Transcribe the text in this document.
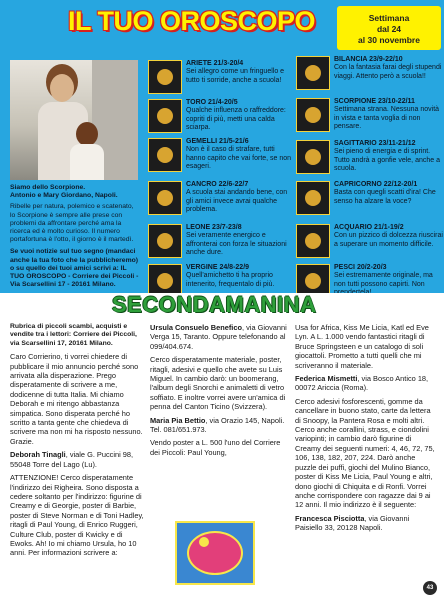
IL TUO OROSCOPO	Settimana
dal 24
al 30 novembre
Siamo dello Scorpione.
Antonio e Mary Giordano, Napoli.
Ribelle per natura, polemico e scatenato, lo Scorpione è sempre alle prese con problemi da affrontare perché ama la ricerca ed è molto curioso. Il numero portafortuna è l'otto, il giorno è il martedì.
Se vuoi notizie sul tuo segno (mandaci anche la tua foto che la pubblicheremo) o su quello dei tuoi amici scrivi a: IL TUO OROSCOPO - Corriere dei Piccoli - Via Scarsellini 17 - 20161 Milano.
ARIETE 21/3-20/4
Sei allegro come un fringuello e tutto ti sorride, anche a scuola!
TORO 21/4-20/5
Qualche influenza o raffreddore: copriti di più, metti una calda sciarpa.
GEMELLI 21/5-21/6
Non è il caso di strafare, tutti hanno capito che vai forte, se non esageri.
CANCRO 22/6-22/7
A scuola stai andando bene, con gli amici invece avrai qualche problema.
LEONE 23/7-23/8
Sei veramente energico e affronterai con forza le situazioni anche dure.
VERGINE 24/8-22/9
Quell'amichetto ti ha proprio intenerito, frequentalo di più.
BILANCIA 23/9-22/10
Con la fantasia farai degli stupendi viaggi. Attento però a scuola!!
SCORPIONE 23/10-22/11
Settimana strana. Nessuna novità in vista e tanta voglia di non pensare.
SAGITTARIO 23/11-21/12
Sei pieno di energia e di sprint. Tutto andrà a gonfie vele, anche a scuola.
CAPRICORNO 22/12-20/1
Basta con quegli scatti d'ira! Che senso ha alzare la voce?
ACQUARIO 21/1-19/2
Con un pizzico di dolcezza riuscirai a superare un momento difficile.
PESCI 20/2-20/3
Sei estremamente originale, ma non tutti possono capirti. Non
SECONDAMANINA

Rubrica di piccoli scambi, acquisti e vendite tra i lettori: Corriere dei Piccoli, via Scarsellini 17, 20161 Milano.

Caro Corrierino, ti vorrei chiedere di pubblicare il mio annuncio perché sono arrivata alla disperazione. Prego disperatamente di scrivere a me, dodicenne di tutta Italia. Mi chiamo Deborah e mi ritengo abbastanza simpatica. Sono disperata perché ho scritto a tanta gente che chiedeva di scrivere ma non mi ha risposto nessuno. Grazie.

Deborah Tinagli, viale G. Puccini 98, 55048 Torre del Lago (Lu).

ATTENZIONE! Cerco disperatamente l'indirizzo dei Righeira. Sono disposta a cedere soltanto per l'indirizzo: figurine di Creamy e di Georgie, poster di Barbie, poster di Steve Norman e di Toni Hadley, ritagli di Paul Young, di Enrico Ruggeri, Culture Club, poster di Kwicky e di Ewoks. Ah! Io mi chiamo Ursula, ho 10 anni. Per informazioni scrivere a:

Ursula Consuelo Benefico, via Giovanni Verga 15, Taranto. Oppure telefonando al 099/404.674.

Cerco disperatamente materiale, poster, ritagli, adesivi e quello che avete su Luis Miguel. In cambio darò: un boomerang, l'album degli Snorchi e animaletti di vetro soffiato. E inoltre vorrei avere un'amica di penna del Canton Ticino (Svizzera).

Maria Pia Bettio, via Orazio 145, Napoli. Tel. 081/651.973.

Vendo poster a L. 500 l'uno del Corriere dei Piccoli: Paul Young,

Usa for Africa, Kiss Me Licia, Katl ed Eve Lyn. A L. 1.000 vendo fantastici ritagli di Bruce Springsteen e un catalogo di soli giocattoli. Prometto a tutti quelli che mi scriveranno il materiale.

Federica Mismetti, via Bosco Antico 18, 00072 Ariccia (Roma).

Cerco adesivi fosforescenti, gomme da cancellare in buono stato, carte da lettera di Snoopy, la Pantera Rosa e molti altri. Cerco anche corallini, strass, e ciondolini variopinti; in cambio darò figurine di Creamy dei seguenti numeri: 4, 46, 72, 75, 106, 138, 182, 207, 224. Darò anche puzzle dei puffi, giochi del Mulino Bianco, poster di Kiss Me Licia, Paul Young e altri, dono giochi di Chiquita e di Ronfi. Vorrei anche corrispondere con ragazze dai 9 ai 12 anni. Il mio indirizzo è il seguente:

Francesca Pisciotta, via Giovanni Paisiello 33, 20128 Napoli.

43
